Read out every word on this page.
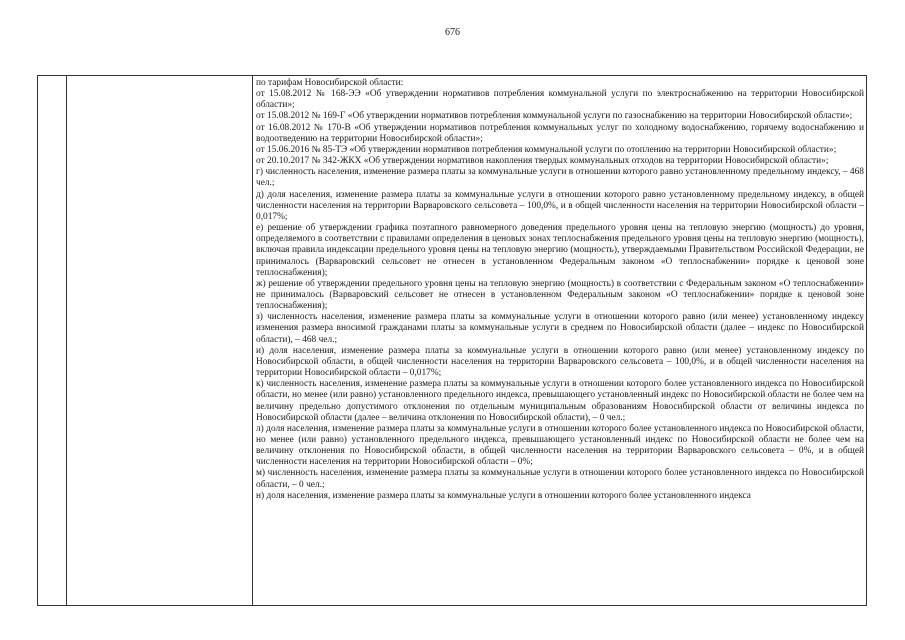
676

по тарифам Новосибирской области:

от 15.08.2012 № 168-ЭЭ «Об утверждении нормативов потребления коммунальной услуги по электроснабжению на территории Новосибирской области»;

от 15.08.2012 № 169-Г «Об утверждении нормативов потребления коммунальной услуги по газоснабжению на территории Новосибирской области»;

от 16.08.2012 № 170-В «Об утверждении нормативов потребления коммунальных услуг по холодному водоснабжению, горячему водоснабжению и водоотведению на территории Новосибирской области»;

от 15.06.2016 № 85-ТЭ «Об утверждении нормативов потребления коммунальной услуги по отоплению на территории Новосибирской области»;

от 20.10.2017 № 342-ЖКХ «Об утверждении нормативов накопления твердых коммунальных отходов на территории Новосибирской области»;

г) численность населения, изменение размера платы за коммунальные услуги в отношении которого равно установленному предельному индексу, – 468 чел.;

д) доля населения, изменение размера платы за коммунальные услуги в отношении которого равно установленному предельному индексу, в общей численности населения на территории Варваровского сельсовета – 100,0%, и в общей численности населения на территории Новосибирской области – 0,017%;

е) решение об утверждении графика поэтапного равномерного доведения предельного уровня цены на тепловую энергию (мощность) до уровня, определяемого в соответствии с правилами определения в ценовых зонах теплоснабжения предельного уровня цены на тепловую энергию (мощность), включая правила индексации предельного уровня цены на тепловую энергию (мощность), утверждаемыми Правительством Российской Федерации, не принималось (Варваровский сельсовет не отнесен в установленном Федеральным законом «О теплоснабжении» порядке к ценовой зоне теплоснабжения);

ж) решение об утверждении предельного уровня цены на тепловую энергию (мощность) в соответствии с Федеральным законом «О теплоснабжении» не принималось (Варваровский сельсовет не отнесен в установленном Федеральным законом «О теплоснабжении» порядке к ценовой зоне теплоснабжения);

з) численность населения, изменение размера платы за коммунальные услуги в отношении которого равно (или менее) установленному индексу изменения размера вносимой гражданами платы за коммунальные услуги в среднем по Новосибирской области (далее – индекс по Новосибирской области), – 468 чел.;

и) доля населения, изменение размера платы за коммунальные услуги в отношении которого равно (или менее) установленному индексу по Новосибирской области, в общей численности населения на территории Варваровского сельсовета – 100,0%, и в общей численности населения на территории Новосибирской области – 0,017%;

к) численность населения, изменение размера платы за коммунальные услуги в отношении которого более установленного индекса по Новосибирской области, но менее (или равно) установленного предельного индекса, превышающего установленный индекс по Новосибирской области не более чем на величину предельно допустимого отклонения по отдельным муниципальным образованиям Новосибирской области от величины индекса по Новосибирской области (далее – величина отклонения по Новосибирской области), – 0 чел.;

л) доля населения, изменение размера платы за коммунальные услуги в отношении которого более установленного индекса по Новосибирской области, но менее (или равно) установленного предельного индекса, превышающего установленный индекс по Новосибирской области не более чем на величину отклонения по Новосибирской области, в общей численности населения на территории Варваровского сельсовета – 0%, и в общей численности населения на территории Новосибирской области – 0%;

м) численность населения, изменение размера платы за коммунальные услуги в отношении которого более установленного индекса по Новосибирской области, – 0 чел.;

н) доля населения, изменение размера платы за коммунальные услуги в отношении которого более установленного индекса
